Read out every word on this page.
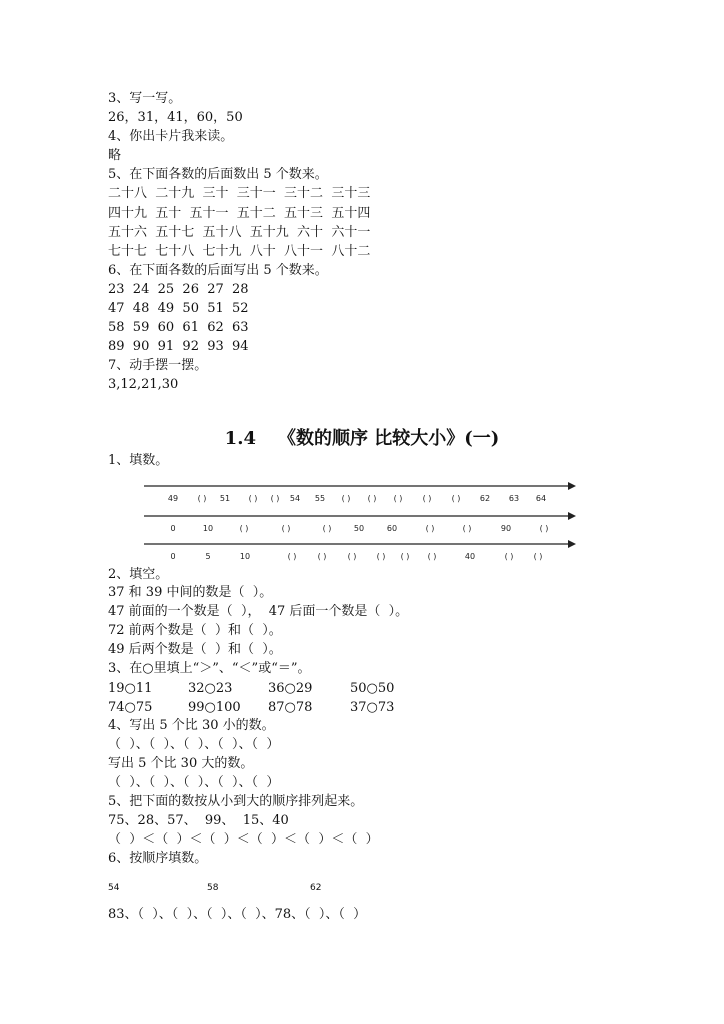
3、写一写。
26，31，41，60，50
4、你出卡片我来读。
略
5、在下面各数的后面数出 5 个数来。
二十八  二十九  三十  三十一  三十二  三十三
四十九  五十  五十一  五十二  五十三  五十四
五十六  五十七  五十八  五十九  六十  六十一
七十七  七十八  七十九  八十  八十一  八十二
6、在下面各数的后面写出 5 个数来。
23  24  25  26  27  28
47  48  49  50  51  52
58  59  60  61  62  63
89  90  91  92  93  94
7、动手摆一摆。
3,12,21,30
1.4 《数的顺序 比较大小》(一)
1、填数。
49 ( ) 51 ( ) ( ) 54 55 ( ) ( ) ( )	( )	( ) 62 63 64
0	10	( )	( )	( )	50	60	( )	( )	90	( )
0	5	10	( )	( )	( )	( ) ( ) ( )	40	( )	( )
2、填空。
37 和 39 中间的数是（  ）。
47 前面的一个数是（  ），  47 后面一个数是（  ）。
72 前两个数是（  ）和（  ）。
49 后两个数是（  ）和（  ）。
3、在○里填上“＞”、“＜”或“＝”。
19○11	32○23	36○29	50○50
74○75	99○100 87○78	37○73
4、写出 5 个比 30 小的数。
（  ）、（  ）、（  ）、（  ）、（  ）
写出 5 个比 30 大的数。
（  ）、（  ）、（  ）、（  ）、（  ）
5、把下面的数按从小到大的顺序排列起来。
75、28、57、  99、  15、40
（  ）＜（  ）＜（  ）＜（  ）＜（  ）＜（  ）
6、按顺序填数。
54	58	62
83、（  ）、（  ）、（  ）、（  ）、78、（  ）、（  ）
